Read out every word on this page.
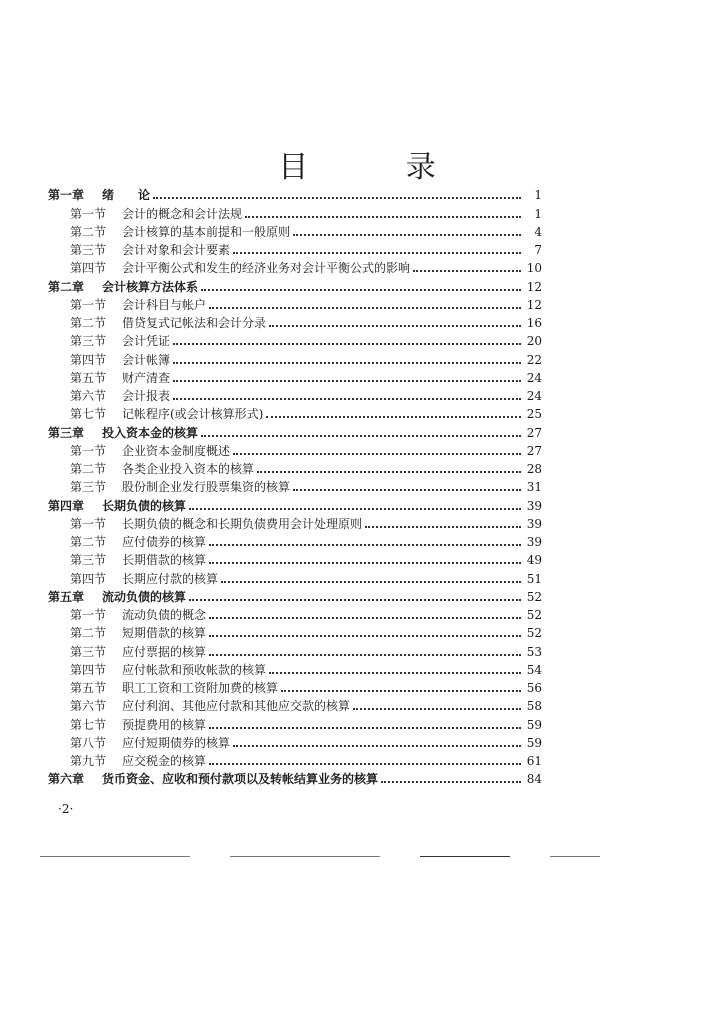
目 录
第一章	绪　　论	1
第一节	会计的概念和会计法规	1
第二节	会计核算的基本前提和一般原则	4
第三节	会计对象和会计要素	7
第四节	会计平衡公式和发生的经济业务对会计平衡公式的影响	10
第二章	会计核算方法体系	12
第一节	会计科目与帐户	12
第二节	借贷复式记帐法和会计分录	16
第三节	会计凭证	20
第四节	会计帐簿	22
第五节	财产清查	24
第六节	会计报表	24
第七节	记帐程序(或会计核算形式)	25
第三章	投入资本金的核算	27
第一节	企业资本金制度概述	27
第二节	各类企业投入资本的核算	28
第三节	股份制企业发行股票集资的核算	31
第四章	长期负债的核算	39
第一节	长期负债的概念和长期负债费用会计处理原则	39
第二节	应付债券的核算	39
第三节	长期借款的核算	49
第四节	长期应付款的核算	51
第五章	流动负债的核算	52
第一节	流动负债的概念	52
第二节	短期借款的核算	52
第三节	应付票据的核算	53
第四节	应付帐款和预收帐款的核算	54
第五节	职工工资和工资附加费的核算	56
第六节	应付利润、其他应付款和其他应交款的核算	58
第七节	预提费用的核算	59
第八节	应付短期债券的核算	59
第九节	应交税金的核算	61
第六章	货币资金、应收和预付款项以及转帐结算业务的核算	84
·2·
